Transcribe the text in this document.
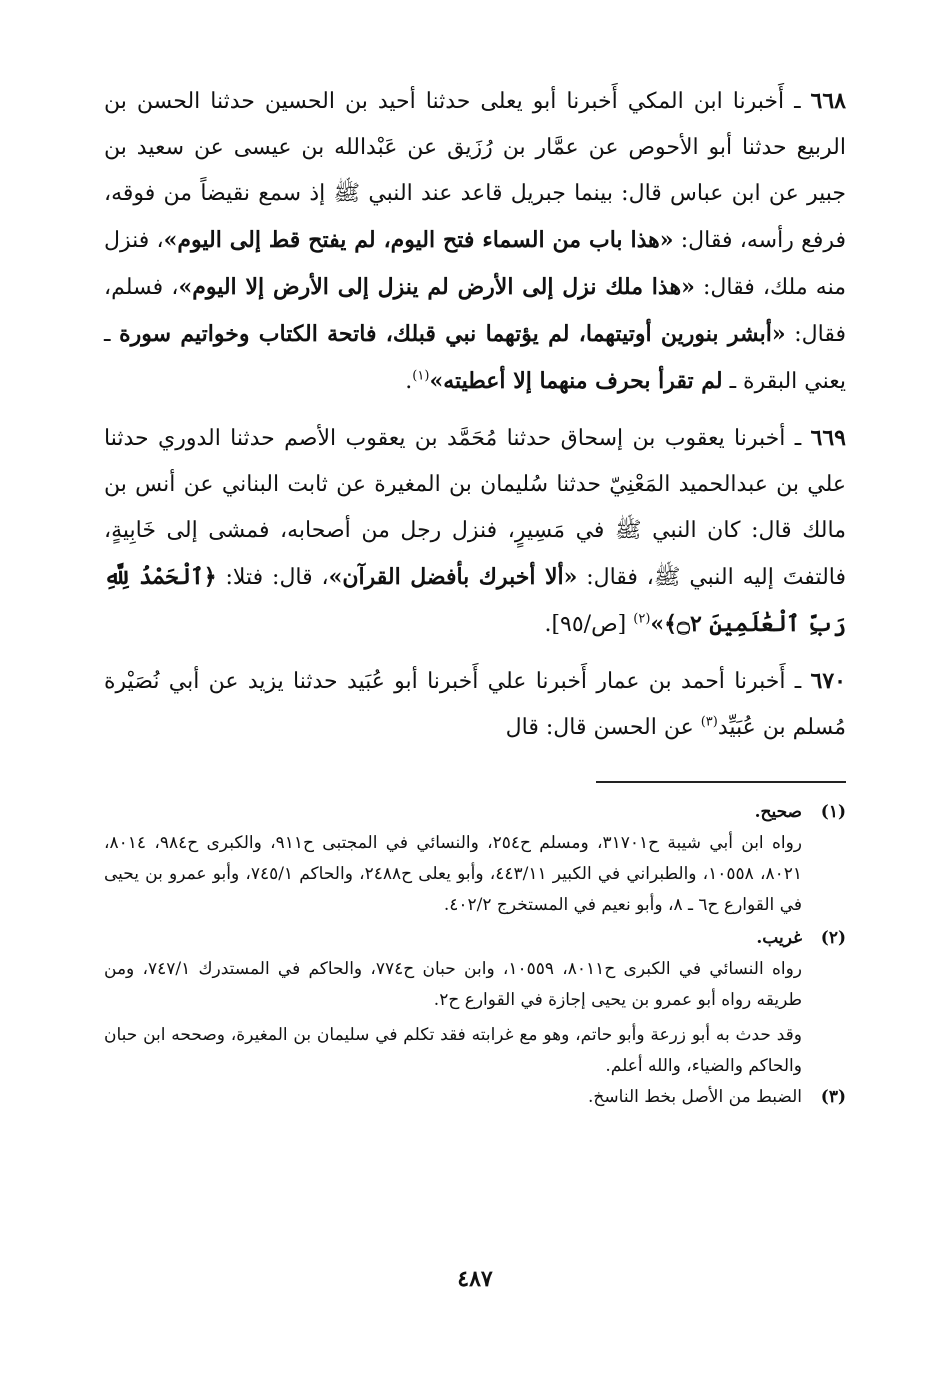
٦٦٨ ـ أَخبرنا ابن المكي أَخبرنا أبو يعلى حدثنا أحيد بن الحسين حدثنا الحسن بن الربيع حدثنا أبو الأحوص عن عمَّار بن رُزَيق عن عَبْدالله بن عيسى عن سعيد بن جبير عن ابن عباس قال: بينما جبريل قاعد عند النبي ﷺ إذ سمع نقيضاً من فوقه، فرفع رأسه، فقال: «هذا باب من السماء فتح اليوم، لم يفتح قط إلى اليوم»، فنزل منه ملك، فقال: «هذا ملك نزل إلى الأرض لم ينزل إلى الأرض إلا اليوم»، فسلم، فقال: «أبشر بنورين أوتيتهما، لم يؤتهما نبي قبلك، فاتحة الكتاب وخواتيم سورة ـ يعني البقرة ـ لم تقرأ بحرف منهما إلا أعطيته»$^{(١)}$.

٦٦٩ ـ أخبرنا يعقوب بن إسحاق حدثنا مُحَمَّد بن يعقوب الأصم حدثنا الدوري حدثنا علي بن عبدالحميد المَعْنِيّ حدثنا سُليمان بن المغيرة عن ثابت البناني عن أنس بن مالك قال: كان النبي ﷺ في مَسِيرٍ، فنزل رجل من أصحابه، فمشى إلى خَابِيةٍ، فالتفتَ إليه النبي ﷺ، فقال: «ألا أخبرك بأفضل القرآن»، قال: فتلا: ﴿ٱلْحَمْدُ لِلَّهِ رَبِّ ٱلْعَٰلَمِينَ ۝٢﴾»$^{(٢)}$ [ص/٩٥].

٦٧٠ ـ أَخبرنا أحمد بن عمار أَخبرنا علي أَخبرنا أبو عُبَيد حدثنا يزيد عن أبي نُصَيْرة مُسلم بن عُبَيِّد$^{(٣)}$ عن الحسن قال: قال

(١)
صحيح.
رواه ابن أبي شيبة ح٣١٧٠١، ومسلم ح٢٥٤، والنسائي في المجتبى ح٩١١، والكبرى ح٩٨٤، ٨٠١٤، ٨٠٢١، ١٠٥٥٨، والطبراني في الكبير ٤٤٣/١١، وأبو يعلى ح٢٤٨٨، والحاكم ٧٤٥/١، وأبو عمرو بن يحيى في القوارع ح٦ ـ ٨، وأبو نعيم في المستخرج ٤٠٢/٢.
(٢)
غريب.
رواه النسائي في الكبرى ح٨٠١١، ١٠٥٥٩، وابن حبان ح٧٧٤، والحاكم في المستدرك ٧٤٧/١، ومن طريقه رواه أبو عمرو بن يحيى إجازة في القوارع ح٢.
وقد حدث به أبو زرعة وأبو حاتم، وهو مع غرابته فقد تكلم في سليمان بن المغيرة، وصححه ابن حبان والحاكم والضياء، والله أعلم.
(٣)
الضبط من الأصل بخط الناسخ.
٤٨٧
